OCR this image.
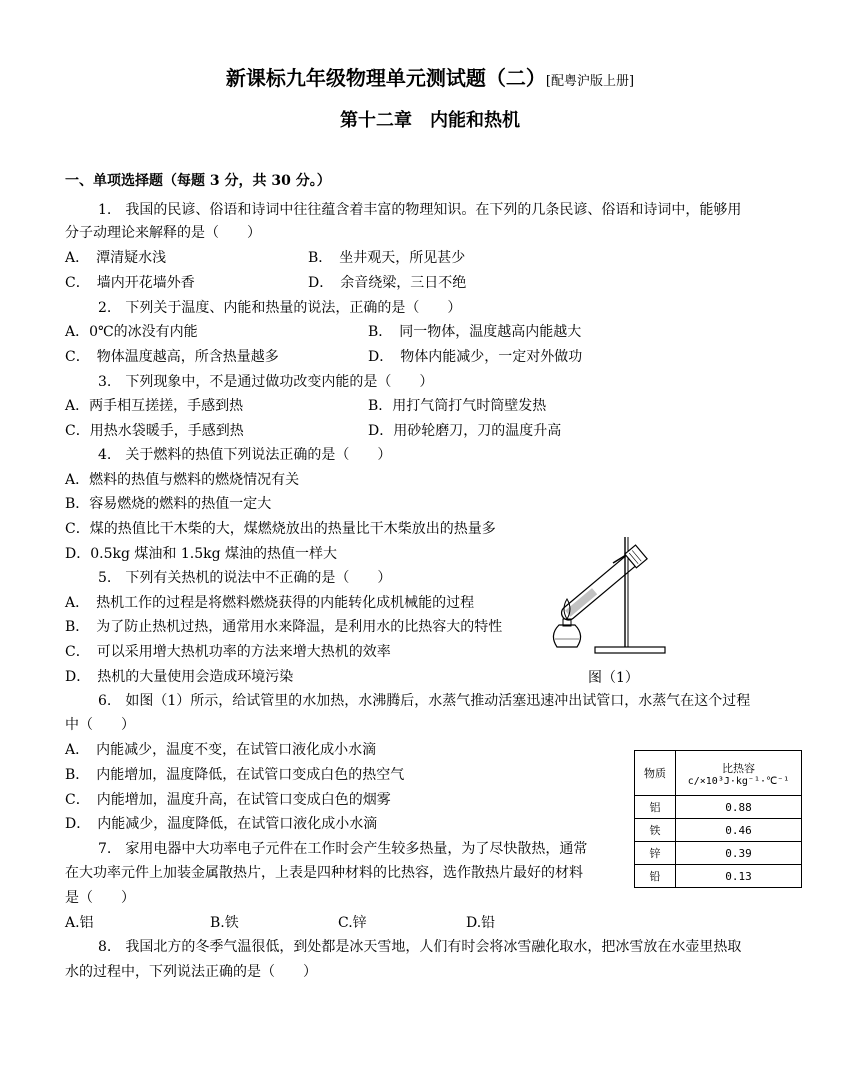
新课标九年级物理单元测试题（二）[配粤沪版上册]
第十二章　内能和热机
一、单项选择题（每题 3 分，共 30 分。）
1.　我国的民谚、俗语和诗词中往往蕴含着丰富的物理知识。在下列的几条民谚、俗语和诗词中，能够用
分子动理论来解释的是（　　）
A．　潭清疑水浅	B．　坐井观天，所见甚少
C．　墙内开花墙外香	D．　余音绕梁，三日不绝
2.　下列关于温度、内能和热量的说法，正确的是（　　）
A．0℃的冰没有内能	B．　同一物体，温度越高内能越大
C．　物体温度越高，所含热量越多	D．　物体内能减少，一定对外做功
3.　下列现象中，不是通过做功改变内能的是（　　）
A．两手相互搓搓，手感到热	B．用打气筒打气时筒壁发热
C．用热水袋暖手，手感到热	D．用砂轮磨刀，刀的温度升高
4.　关于燃料的热值下列说法正确的是（　　）
A．燃料的热值与燃料的燃烧情况有关
B．容易燃烧的燃料的热值一定大
C．煤的热值比干木柴的大，煤燃烧放出的热量比干木柴放出的热量多
D．0.5kg 煤油和 1.5kg 煤油的热值一样大
5.　下列有关热机的说法中不正确的是（　　）
A．　热机工作的过程是将燃料燃烧获得的内能转化成机械能的过程
B．　为了防止热机过热，通常用水来降温，是利用水的比热容大的特性
C．　可以采用增大热机功率的方法来增大热机的效率
D．　热机的大量使用会造成环境污染	图（1）
6.　如图（1）所示，给试管里的水加热，水沸腾后，水蒸气推动活塞迅速冲出试管口，水蒸气在这个过程
中（　　）
A．　内能减少，温度不变，在试管口液化成小水滴
B．　内能增加，温度降低，在试管口变成白色的热空气
C．　内能增加，温度升高，在试管口变成白色的烟雾
D．　内能减少，温度降低，在试管口液化成小水滴
物质	比热容
c/×10³J·kg⁻¹·℃⁻¹

铝	0.88
铁	0.46
锌	0.39
铅	0.13
7.　家用电器中大功率电子元件在工作时会产生较多热量，为了尽快散热，通常
在大功率元件上加装金属散热片，上表是四种材料的比热容，选作散热片最好的材料
是（　　）
A.铝	B.铁	C.锌	D.铅
8.　我国北方的冬季气温很低，到处都是冰天雪地，人们有时会将冰雪融化取水，把冰雪放在水壶里热取
水的过程中，下列说法正确的是（　　）
